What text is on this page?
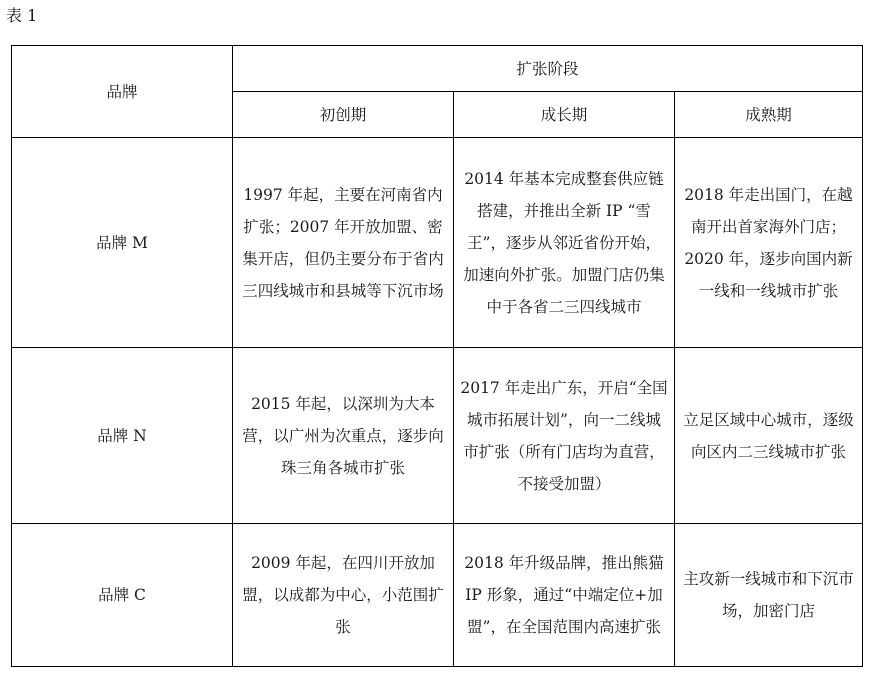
表 1
品牌	扩张阶段		
	初创期	成长期	成熟期
品牌 M	1997 年起，主要在河南省内扩张；2007 年开放加盟、密集开店，但仍主要分布于省内三四线城市和县城等下沉市场	2014 年基本完成整套供应链搭建，并推出全新 IP “雪王”，逐步从邻近省份开始，加速向外扩张。加盟门店仍集中于各省二三四线城市	2018 年走出国门，在越南开出首家海外门店；2020 年，逐步向国内新一线和一线城市扩张
品牌 N	2015 年起，以深圳为大本营，以广州为次重点，逐步向珠三角各城市扩张	2017 年走出广东，开启“全国城市拓展计划”，向一二线城市扩张（所有门店均为直营，不接受加盟）	立足区域中心城市，逐级向区内二三线城市扩张
品牌 C	2009 年起，在四川开放加盟，以成都为中心，小范围扩张	2018 年升级品牌，推出熊猫 IP 形象，通过“中端定位+加盟”，在全国范围内高速扩张	主攻新一线城市和下沉市场，加密门店
